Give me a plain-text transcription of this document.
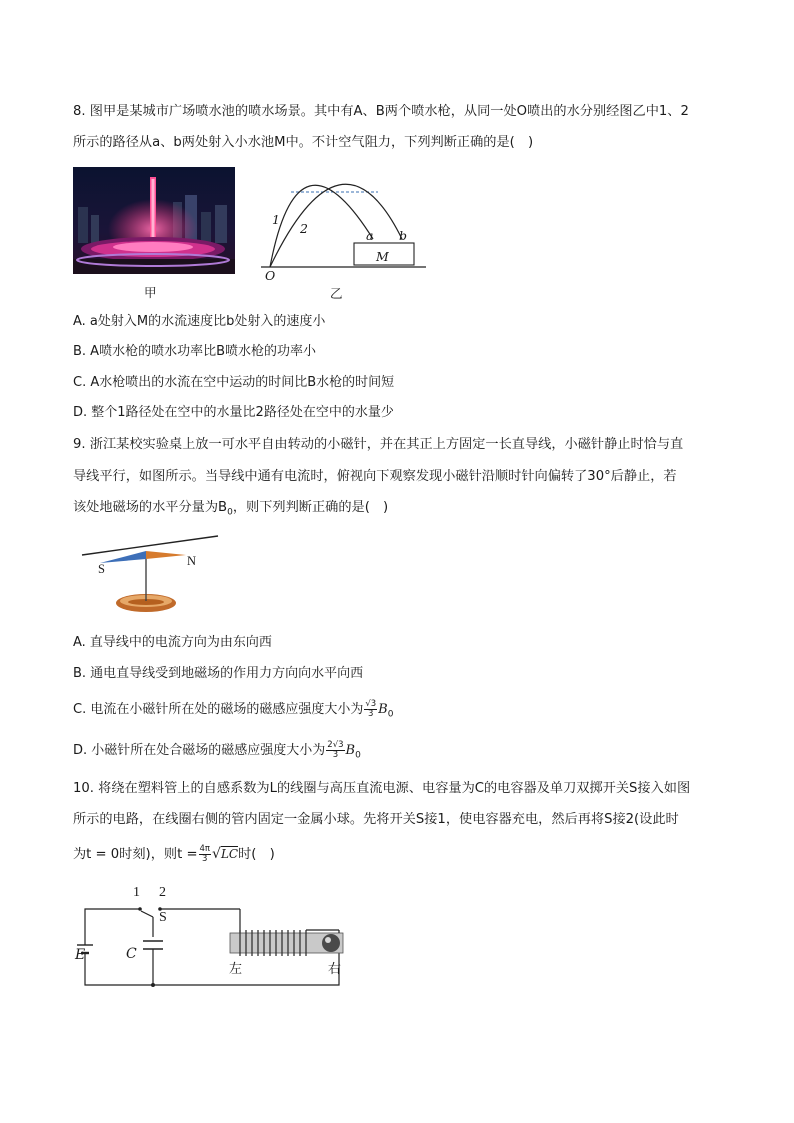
8. 图甲是某城市广场喷水池的喷水场景。其中有A、B两个喷水枪，从同一处O喷出的水分别经图乙中1、2
所示的路径从a、b两处射入小水池M中。不计空气阻力，下列判断正确的是(　)
甲
1
2	a b
M
O
乙
A. a处射入M的水流速度比b处射入的速度小
B. A喷水枪的喷水功率比B喷水枪的功率小
C. A水枪喷出的水流在空中运动的时间比B水枪的时间短
D. 整个1路径处在空中的水量比2路径处在空中的水量少
9. 浙江某校实验桌上放一可水平自由转动的小磁针，并在其正上方固定一长直导线，小磁针静止时恰与直
导线平行，如图所示。当导线中通有电流时，俯视向下观察发现小磁针沿顺时针向偏转了30°后静止，若
该处地磁场的水平分量为$B_0$，则下列判断正确的是(　)
S
N
A. 直导线中的电流方向为由东向西
B. 通电直导线受到地磁场的作用力方向向水平向西
C. 电流在小磁针所在处的磁场的磁感应强度大小为 $\frac{√3}{3} B_0$
D. 小磁针所在处合磁场的磁感应强度大小为 $\frac{2√3}{3} B_0$
10. 将绕在塑料管上的自感系数为L的线圈与高压直流电源、电容量为C的电容器及单刀双掷开关S接入如图
所示的电路，在线圈右侧的管内固定一金属小球。先将开关S接1，使电容器充电，然后再将S接2(设此时
为t = 0时刻)，则$t = \frac{4\pi}{3} √LC$时(　)
1 2
S
E	C
左	右
